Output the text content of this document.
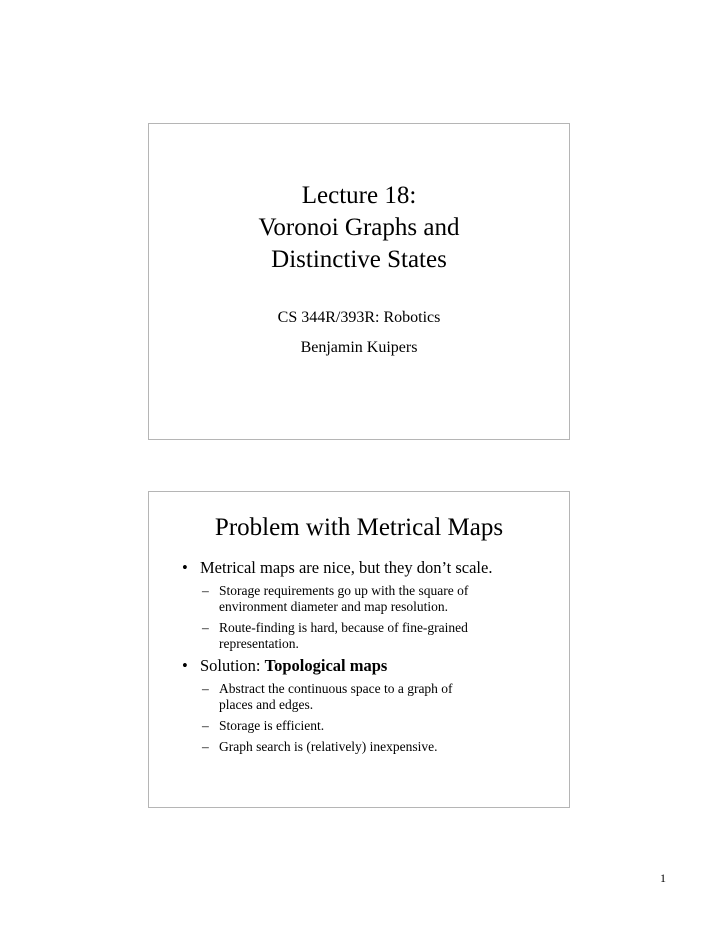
Lecture 18:
Voronoi Graphs and
Distinctive States
CS 344R/393R: Robotics
Benjamin Kuipers
Problem with Metrical Maps
• Metrical maps are nice, but they don’t scale.
– Storage requirements go up with the square of
environment diameter and map resolution.
– Route-finding is hard, because of fine-grained
representation.
• Solution: Topological maps
– Abstract the continuous space to a graph of
places and edges.
– Storage is efficient.
– Graph search is (relatively) inexpensive.
1
